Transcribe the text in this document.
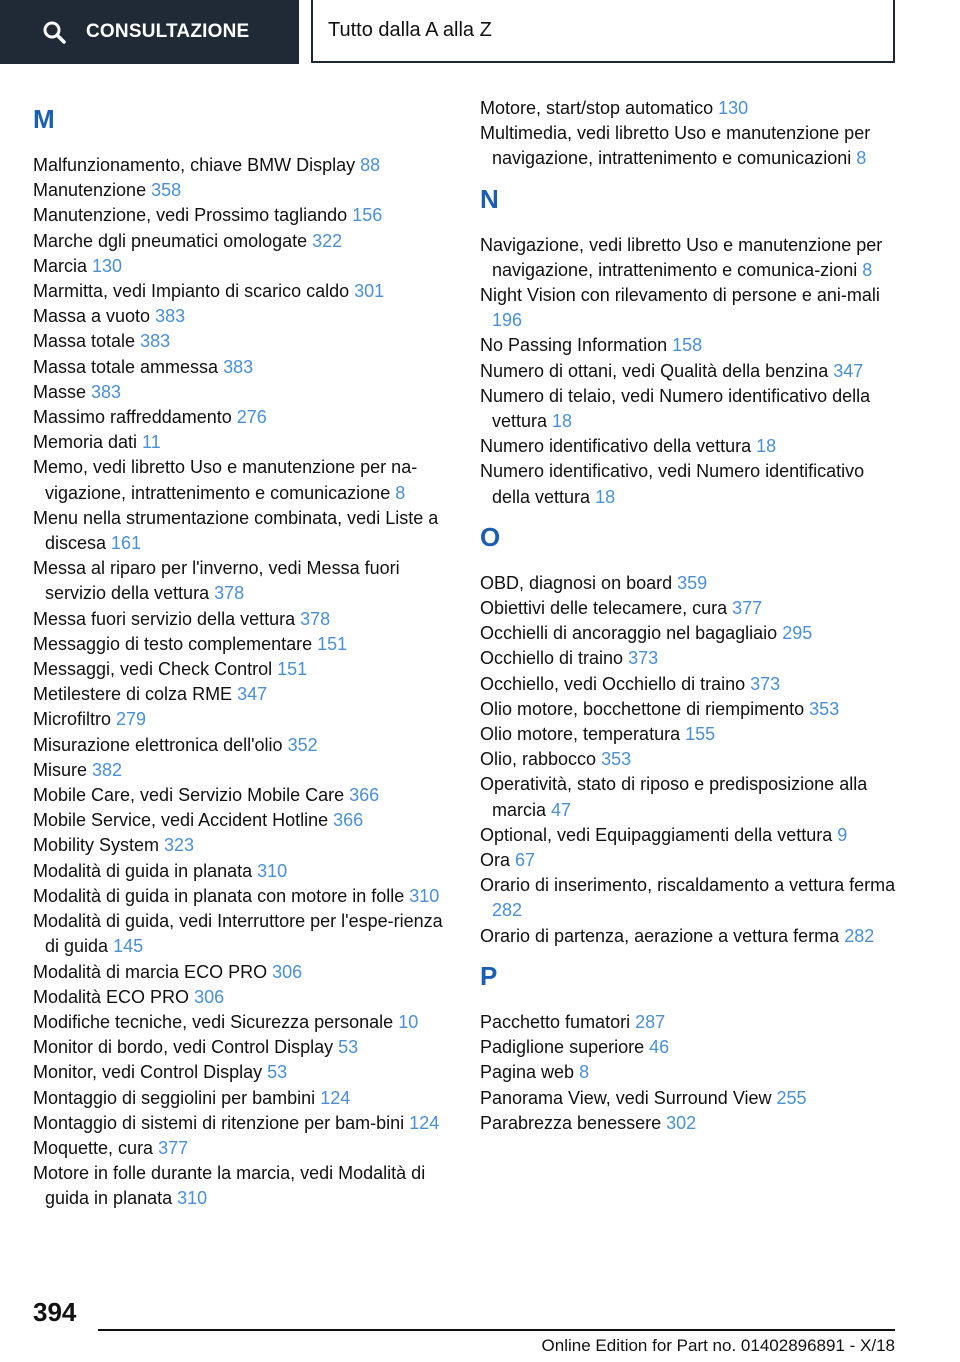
CONSULTAZIONE	Tutto dalla A alla Z
M
Malfunzionamento, chiave BMW Display 88
Manutenzione 358
Manutenzione, vedi Prossimo tagliando 156
Marche dgli pneumatici omologate 322
Marcia 130
Marmitta, vedi Impianto di scarico caldo 301
Massa a vuoto 383
Massa totale 383
Massa totale ammessa 383
Masse 383
Massimo raffreddamento 276
Memoria dati 11
Memo, vedi libretto Uso e manutenzione per na-vigazione, intrattenimento e comunicazione 8
Menu nella strumentazione combinata, vedi Liste a discesa 161
Messa al riparo per l'inverno, vedi Messa fuori servizio della vettura 378
Messa fuori servizio della vettura 378
Messaggio di testo complementare 151
Messaggi, vedi Check Control 151
Metilestere di colza RME 347
Microfiltro 279
Misurazione elettronica dell'olio 352
Misure 382
Mobile Care, vedi Servizio Mobile Care 366
Mobile Service, vedi Accident Hotline 366
Mobility System 323
Modalità di guida in planata 310
Modalità di guida in planata con motore in folle 310
Modalità di guida, vedi Interruttore per l'espe-rienza di guida 145
Modalità di marcia ECO PRO 306
Modalità ECO PRO 306
Modifiche tecniche, vedi Sicurezza personale 10
Monitor di bordo, vedi Control Display 53
Monitor, vedi Control Display 53
Montaggio di seggiolini per bambini 124
Montaggio di sistemi di ritenzione per bam-bini 124
Moquette, cura 377
Motore in folle durante la marcia, vedi Modalità di guida in planata 310
Motore, start/stop automatico 130
Multimedia, vedi libretto Uso e manutenzione per navigazione, intrattenimento e comunicazioni 8
N
Navigazione, vedi libretto Uso e manutenzione per navigazione, intrattenimento e comunica-zioni 8
Night Vision con rilevamento di persone e ani-mali 196
No Passing Information 158
Numero di ottani, vedi Qualità della benzina 347
Numero di telaio, vedi Numero identificativo della vettura 18
Numero identificativo della vettura 18
Numero identificativo, vedi Numero identificativo della vettura 18
O
OBD, diagnosi on board 359
Obiettivi delle telecamere, cura 377
Occhielli di ancoraggio nel bagagliaio 295
Occhiello di traino 373
Occhiello, vedi Occhiello di traino 373
Olio motore, bocchettone di riempimento 353
Olio motore, temperatura 155
Olio, rabbocco 353
Operatività, stato di riposo e predisposizione alla marcia 47
Optional, vedi Equipaggiamenti della vettura 9
Ora 67
Orario di inserimento, riscaldamento a vettura ferma 282
Orario di partenza, aerazione a vettura ferma 282
P
Pacchetto fumatori 287
Padiglione superiore 46
Pagina web 8
Panorama View, vedi Surround View 255
Parabrezza benessere 302
394
Online Edition for Part no. 01402896891 - X/18
